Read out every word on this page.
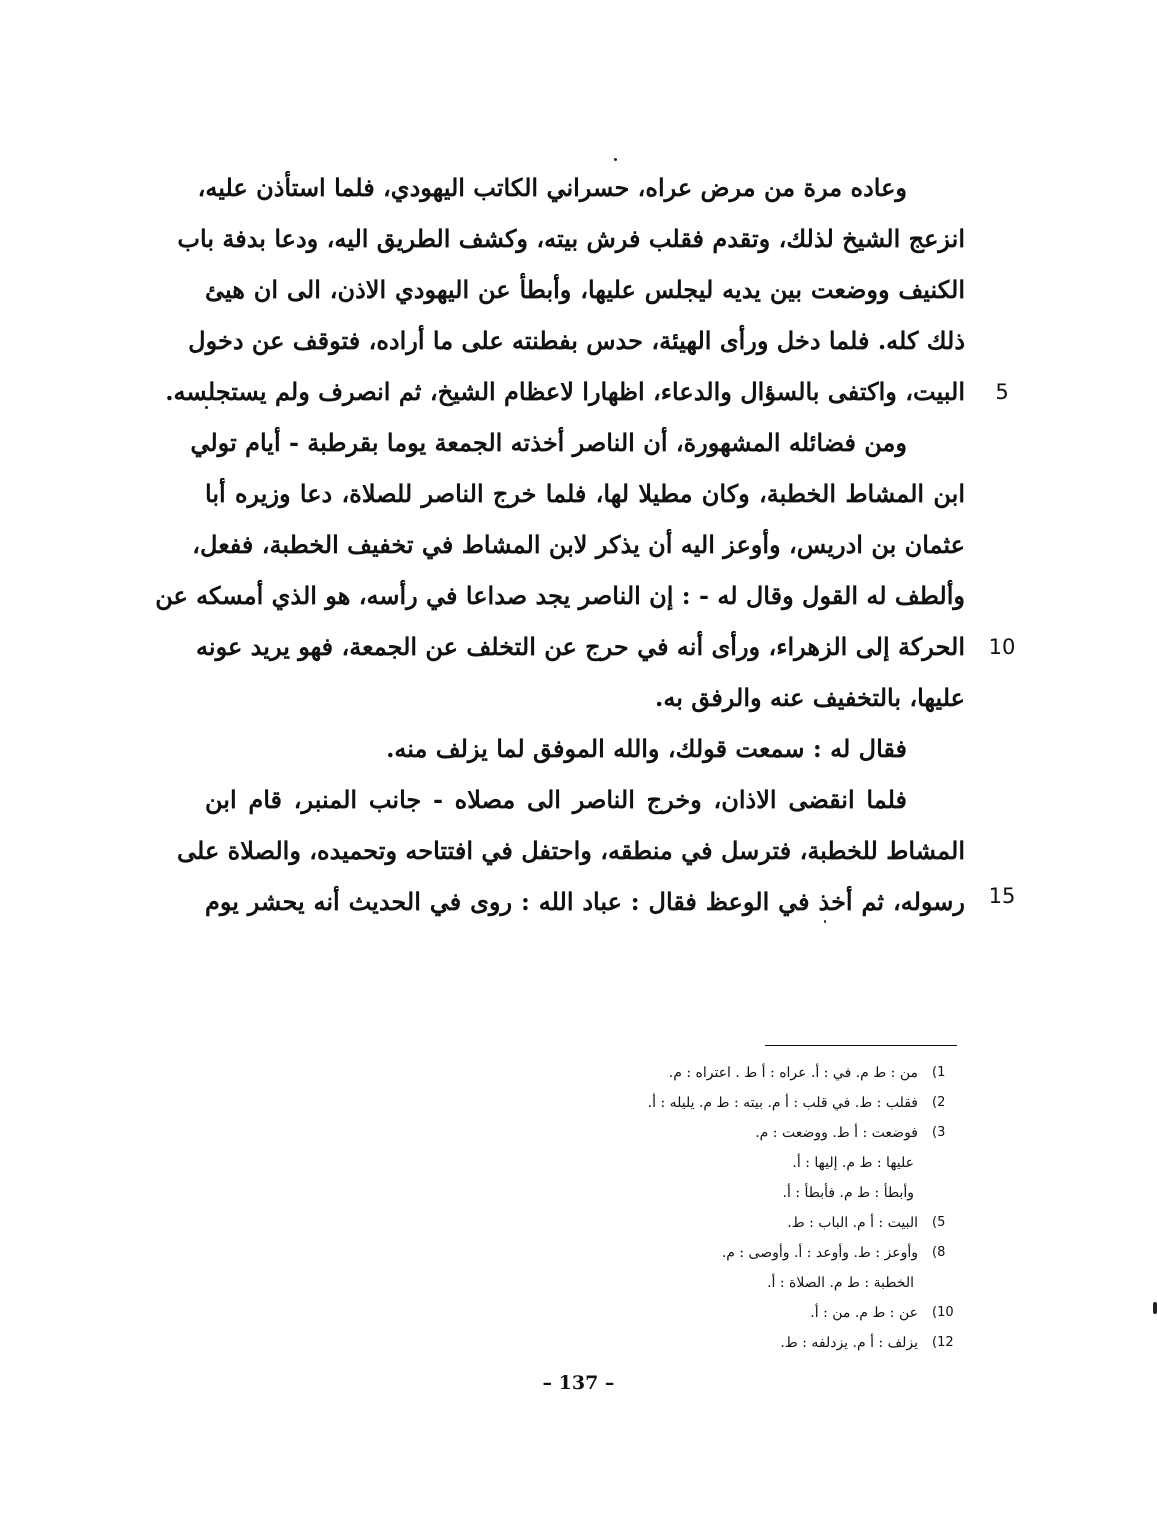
وعاده مرة من مرض عراه، حسراني الكاتب اليهودي، فلما استأذن عليه،
انزعج الشيخ لذلك، وتقدم فقلب فرش بيته، وكشف الطريق اليه، ودعا بدفة باب
الكنيف ووضعت بين يديه ليجلس عليها، وأبطأ عن اليهودي الاذن، الى ان هيئ
ذلك كله. فلما دخل ورأى الهيئة، حدس بفطنته على ما أراده، فتوقف عن دخول
البيت، واكتفى بالسؤال والدعاء، اظهارا لاعظام الشيخ، ثم انصرف ولم يستجلسه.
ومن فضائله المشهورة، أن الناصر أخذته الجمعة يوما بقرطبة - أيام تولي
ابن المشاط الخطبة، وكان مطيلا لها، فلما خرج الناصر للصلاة، دعا وزيره أبا
عثمان بن ادريس، وأوعز اليه أن يذكر لابن المشاط في تخفيف الخطبة، ففعل،
وألطف له القول وقال له - : إن الناصر يجد صداعا في رأسه، هو الذي أمسكه عن
الحركة إلى الزهراء، ورأى أنه في حرج عن التخلف عن الجمعة، فهو يريد عونه
عليها، بالتخفيف عنه والرفق به.
فقال له : سمعت قولك، والله الموفق لما يزلف منه.
فلما انقضى الاذان، وخرج الناصر الى مصلاه - جانب المنبر، قام ابن
المشاط للخطبة، فترسل في منطقه، واحتفل في افتتاحه وتحميده، والصلاة على
رسوله، ثم أخذ في الوعظ فقال : عباد الله : روى في الحديث أنه يحشر يوم
5
10
15
(1
من : ط م. في : أ. عراه : أ ط . اعتراه : م.
(2
فقلب : ط. في قلب : أ م. بيته : ط م. يليله : أ.
(3
فوضعت : أ ط. ووضعت : م.
عليها : ط م. إليها : أ.
وأبطأ : ط م. فأبطأ : أ.
(5
البيت : أ م. الباب : ط.
(8
وأوعز : ط. وأوعد : أ. وأوصى : م.
الخطبة : ط م. الصلاة : أ.
(10
عن : ط م. من : أ.
(12
يزلف : أ م. يزدلفه : ط.
– 137 –
